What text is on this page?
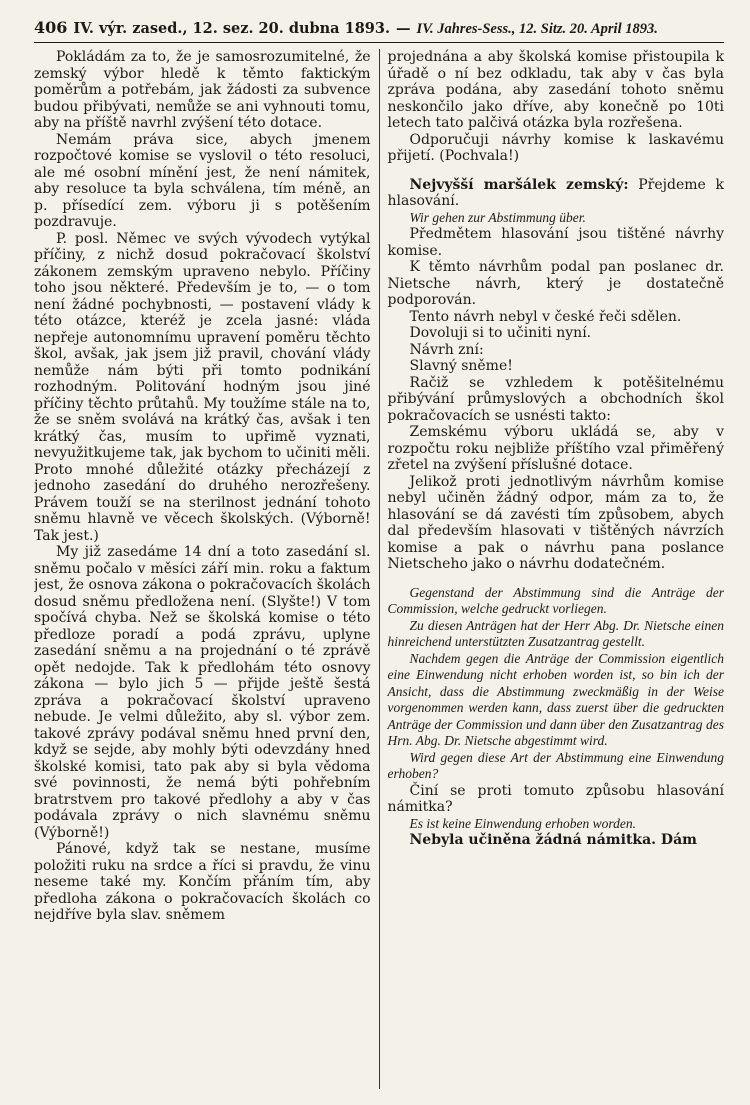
406 IV. výr. zased., 12. sez. 20. dubna 1893. — IV. Jahres-Sess., 12. Sitz. 20. April 1893.

Pokládám za to, že je samosrozumitelné, že zemský výbor hledě k těmto faktickým poměrům a potřebám, jak žádosti za subvence budou přibývati, nemůže se ani vyhnouti tomu, aby na příště navrhl zvýšení této dotace.

Nemám práva sice, abych jmenem rozpočtové komise se vyslovil o této resoluci, ale mé osobní mínění jest, že není námitek, aby resoluce ta byla schválena, tím méně, an p. přísedící zem. výboru ji s potěšením pozdravuje.

P. posl. Němec ve svých vývodech vytýkal příčiny, z nichž dosud pokračovací školství zákonem zemským upraveno nebylo. Příčiny toho jsou některé. Především je to, — o tom není žádné pochybnosti, — postavení vlády k této otázce, kteréž je zcela jasné: vláda nepřeje autonomnímu upravení poměru těchto škol, avšak, jak jsem již pravil, chování vlády nemůže nám býti při tomto podnikání rozhodným. Politování hodným jsou jiné příčiny těchto průtahů. My toužíme stále na to, že se sněm svolává na krátký čas, avšak i ten krátký čas, musím to upřimě vyznati, nevyužitkujeme tak, jak bychom to učiniti měli. Proto mnohé důležité otázky přecházejí z jednoho zasedání do druhého nerozřešeny. Právem touží se na sterilnost jednání tohoto sněmu hlavně ve věcech školských. (Výborně! Tak jest.)

My již zasedáme 14 dní a toto zasedání sl. sněmu počalo v měsíci září min. roku a faktum jest, že osnova zákona o pokračovacích školách dosud sněmu předložena není. (Slyšte!) V tom spočívá chyba. Než se školská komise o této předloze poradí a podá zprávu, uplyne zasedání sněmu a na projednání o té zprávě opět nedojde. Tak k předlohám této osnovy zákona — bylo jich 5 — přijde ještě šestá zpráva a pokračovací školství upraveno nebude. Je velmi důležito, aby sl. výbor zem. takové zprávy podával sněmu hned první den, když se sejde, aby mohly býti odevzdány hned školské komisi, tato pak aby si byla vědoma své povinnosti, že nemá býti pohřebním bratrstvem pro takové předlohy a aby v čas podávala zprávy o nich slavnému sněmu (Výborně!)

Pánové, když tak se nestane, musíme položiti ruku na srdce a říci si pravdu, že vinu neseme také my. Končím přáním tím, aby předloha zákona o pokračovacích školách co nejdříve byla slav. sněmem

projednána a aby školská komise přistoupila k úřadě o ní bez odkladu, tak aby v čas byla zpráva podána, aby zasedání tohoto sněmu neskončilo jako dříve, aby konečně po 10ti letech tato palčivá otázka byla rozřešena.

Odporučuji návrhy komise k laskavému přijetí. (Pochvala!)

Nejvyšší maršálek zemský: Přejdeme k hlasování.

Wir gehen zur Abstimmung über.

Předmětem hlasování jsou tištěné návrhy komise.

K těmto návrhům podal pan poslanec dr. Nietsche návrh, který je dostatečně podporován.

Tento návrh nebyl v české řeči sdělen.

Dovoluji si to učiniti nyní.

Návrh zní:

Slavný sněme!

Račiž se vzhledem k potěšitelnému přibývání průmyslových a obchodních škol pokračovacích se usnésti takto:

Zemskému výboru ukládá se, aby v rozpočtu roku nejbliže příštího vzal přiměřený zřetel na zvýšení příslušné dotace.

Jelikož proti jednotlivým návrhům komise nebyl učiněn žádný odpor, mám za to, že hlasování se dá zavésti tím způsobem, abych dal především hlasovati v tištěných návrzích komise a pak o návrhu pana poslance Nietscheho jako o návrhu dodatečném.

Gegenstand der Abstimmung sind die Anträge der Commission, welche gedruckt vorliegen.

Zu diesen Anträgen hat der Herr Abg. Dr. Nietsche einen hinreichend unterstützten Zusatzantrag gestellt.

Nachdem gegen die Anträge der Commission eigentlich eine Einwendung nicht erhoben worden ist, so bin ich der Ansicht, dass die Abstimmung zweckmäßig in der Weise vorgenommen werden kann, dass zuerst über die gedruckten Anträge der Commission und dann über den Zusatzantrag des Hrn. Abg. Dr. Nietsche abgestimmt wird.

Wird gegen diese Art der Abstimmung eine Einwendung erhoben?

Činí se proti tomuto způsobu hlasování námitka?

Es ist keine Einwendung erhoben worden.

Nebyla učiněna žádná námitka. Dám
